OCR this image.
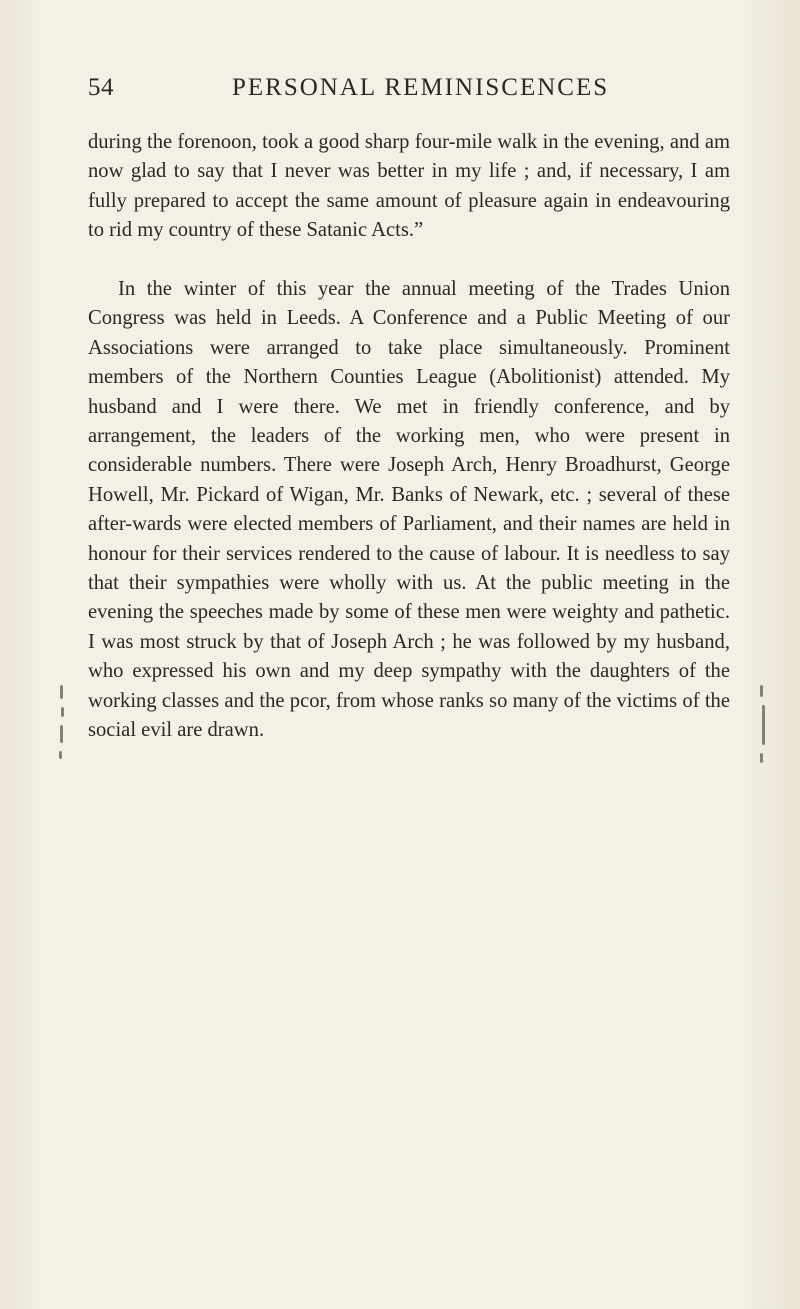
54	PERSONAL REMINISCENCES

during the forenoon, took a good sharp four-mile walk in the evening, and am now glad to say that I never was better in my life ; and, if necessary, I am fully prepared to accept the same amount of pleasure again in endeavouring to rid my country of these Satanic Acts.”

In the winter of this year the annual meeting of the Trades Union Congress was held in Leeds. A Conference and a Public Meeting of our Associations were arranged to take place simultaneously. Prominent members of the Northern Counties League (Abolitionist) attended. My husband and I were there. We met in friendly conference, and by arrangement, the leaders of the working men, who were present in considerable numbers. There were Joseph Arch, Henry Broadhurst, George Howell, Mr. Pickard of Wigan, Mr. Banks of Newark, etc. ; several of these after-wards were elected members of Parliament, and their names are held in honour for their services rendered to the cause of labour. It is needless to say that their sympathies were wholly with us. At the public meeting in the evening the speeches made by some of these men were weighty and pathetic. I was most struck by that of Joseph Arch ; he was followed by my husband, who expressed his own and my deep sympathy with the daughters of the working classes and the pcor, from whose ranks so many of the victims of the social evil are drawn.
